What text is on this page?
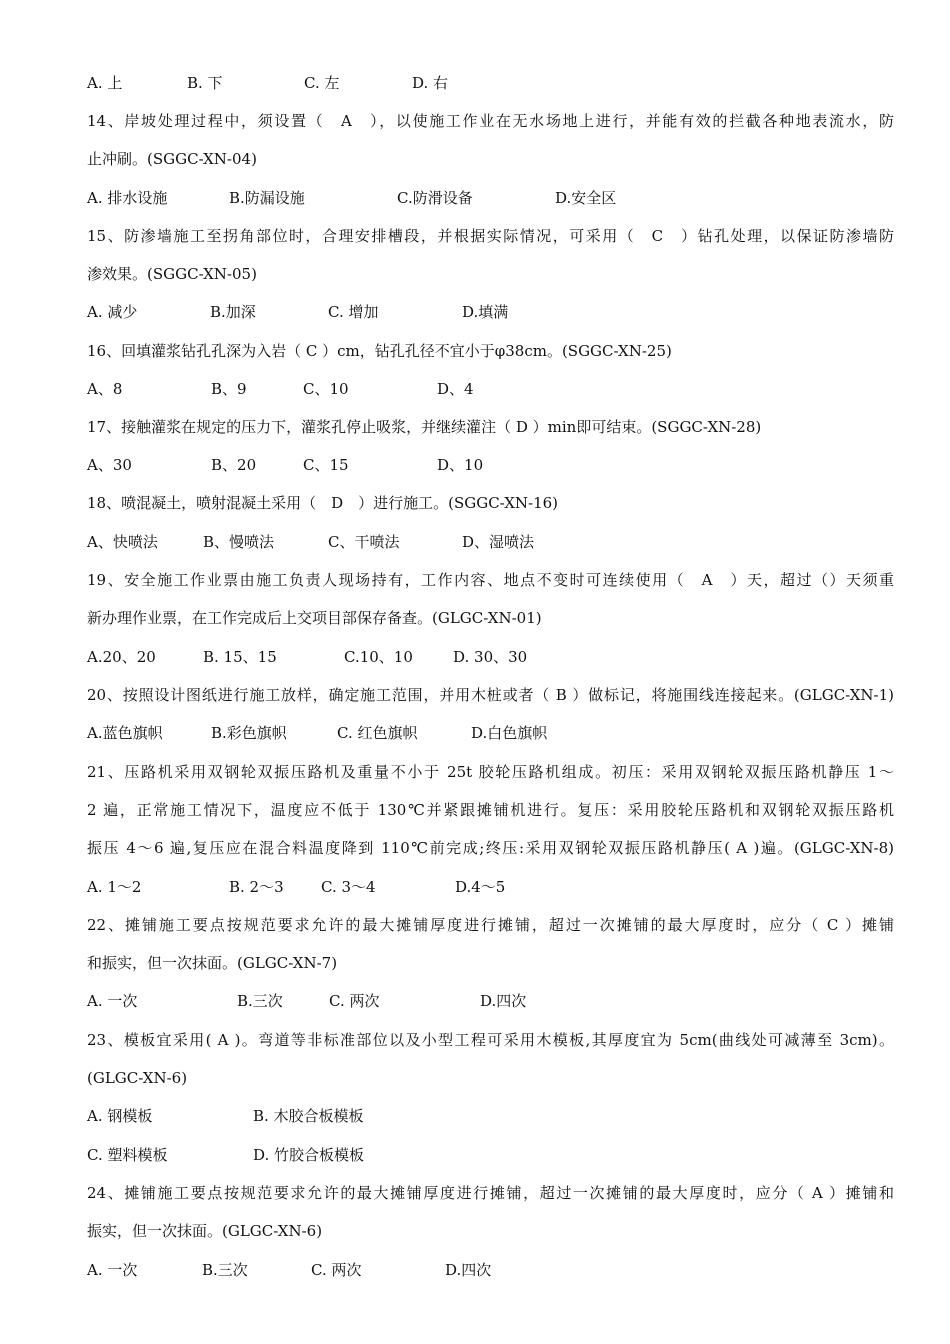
A. 上	B. 下	C. 左	D. 右
14、岸坡处理过程中，须设置（　A　），以使施工作业在无水场地上进行，并能有效的拦截各种地表流水，防
止冲刷。(SGGC-XN-04)
A. 排水设施	B.防漏设施	C.防滑设备	D.安全区
15、防渗墙施工至拐角部位时，合理安排槽段，并根据实际情况，可采用（　C　）钻孔处理，以保证防渗墙防
渗效果。(SGGC-XN-05)
A. 减少	B.加深	C. 增加	D.填满
16、回填灌浆钻孔孔深为入岩（ C ）cm，钻孔孔径不宜小于φ38cm。(SGGC-XN-25)
A、8	B、9	C、10	D、4
17、接触灌浆在规定的压力下，灌浆孔停止吸浆，并继续灌注（ D ）min即可结束。(SGGC-XN-28)
A、30	B、20	C、15	D、10
18、喷混凝土，喷射混凝土采用（　D　）进行施工。(SGGC-XN-16)
A、快喷法	B、慢喷法	C、干喷法	D、湿喷法
19、安全施工作业票由施工负责人现场持有，工作内容、地点不变时可连续使用（　A　）天，超过（）天须重
新办理作业票，在工作完成后上交项目部保存备查。(GLGC-XN-01)
A.20、20	B. 15、15	C.10、10	D. 30、30
20、按照设计图纸进行施工放样，确定施工范围，并用木桩或者（ B ）做标记，将施围线连接起来。(GLGC-XN-1)
A.蓝色旗帜	B.彩色旗帜	C. 红色旗帜	D.白色旗帜
21、压路机采用双钢轮双振压路机及重量不小于 25t 胶轮压路机组成。初压：采用双钢轮双振压路机静压 1～
2 遍，正常施工情况下，温度应不低于 130℃并紧跟摊铺机进行。复压：采用胶轮压路机和双钢轮双振压路机
振压 4～6 遍,复压应在混合料温度降到 110℃前完成;终压:采用双钢轮双振压路机静压( A )遍。(GLGC-XN-8)
A. 1～2	B. 2～3	C. 3～4	D.4～5
22、摊铺施工要点按规范要求允许的最大摊铺厚度进行摊铺，超过一次摊铺的最大厚度时，应分（ C ）摊铺
和振实，但一次抹面。(GLGC-XN-7)
A. 一次	B.三次	C. 两次	D.四次
23、模板宜采用( A )。弯道等非标准部位以及小型工程可采用木模板,其厚度宜为 5cm(曲线处可减薄至 3cm)。
(GLGC-XN-6)
A. 钢模板	B. 木胶合板模板
C. 塑料模板	D. 竹胶合板模板
24、摊铺施工要点按规范要求允许的最大摊铺厚度进行摊铺，超过一次摊铺的最大厚度时，应分（ A ）摊铺和
振实，但一次抹面。(GLGC-XN-6)
A. 一次	B.三次	C. 两次	D.四次
